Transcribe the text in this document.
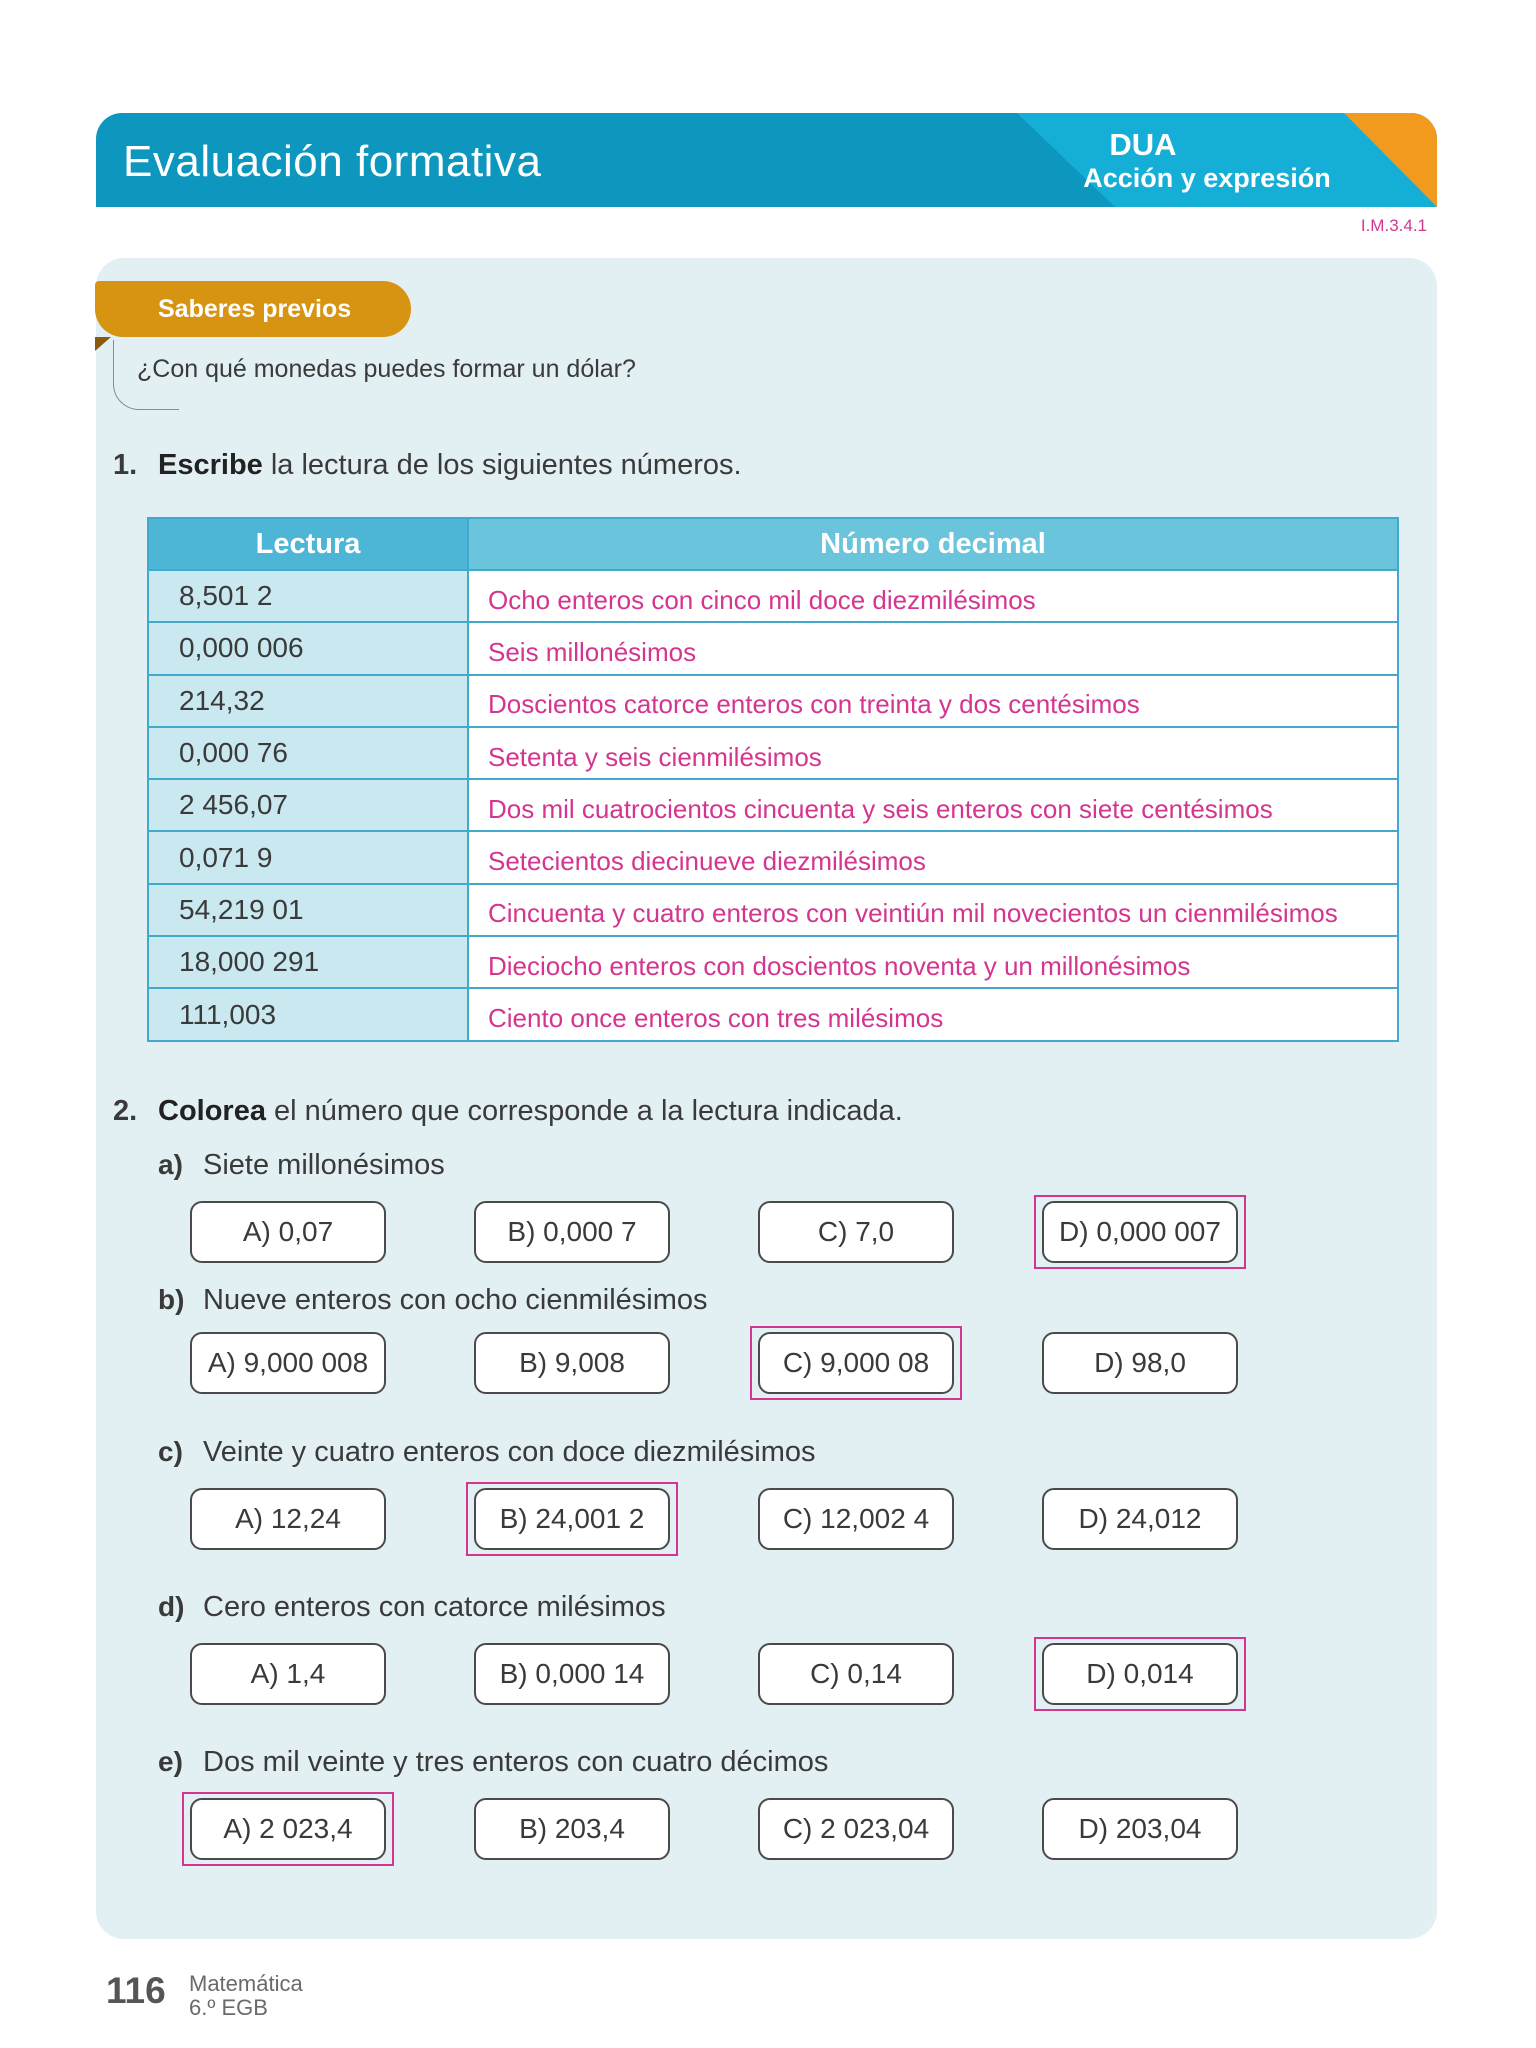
Evaluación formativa	DUA
Acción y expresión
I.M.3.4.1
Saberes previos
¿Con qué monedas puedes formar un dólar?
1. Escribe la lectura de los siguientes números.
Lectura	Número decimal
8,501 2	Ocho enteros con cinco mil doce diezmilésimos
0,000 006	Seis millonésimos
214,32	Doscientos catorce enteros con treinta y dos centésimos
0,000 76	Setenta y seis cienmilésimos
2 456,07	Dos mil cuatrocientos cincuenta y seis enteros con siete centésimos
0,071 9	Setecientos diecinueve diezmilésimos
54,219 01	Cincuenta y cuatro enteros con veintiún mil novecientos un cienmilésimos
18,000 291	Dieciocho enteros con doscientos noventa y un millonésimos
111,003	Ciento once enteros con tres milésimos
2. Colorea el número que corresponde a la lectura indicada.
a) Siete millonésimos
A) 0,07	B) 0,000 7	C) 7,0	D) 0,000 007
b) Nueve enteros con ocho cienmilésimos
A) 9,000 008	B) 9,008	C) 9,000 08	D) 98,0
c) Veinte y cuatro enteros con doce diezmilésimos
A) 12,24	B) 24,001 2	C) 12,002 4	D) 24,012
d) Cero enteros con catorce milésimos
A) 1,4	B) 0,000 14	C) 0,14	D) 0,014
e) Dos mil veinte y tres enteros con cuatro décimos
A) 2 023,4	B) 203,4	C) 2 023,04	D) 203,04
116 Matemática
6.º EGB
